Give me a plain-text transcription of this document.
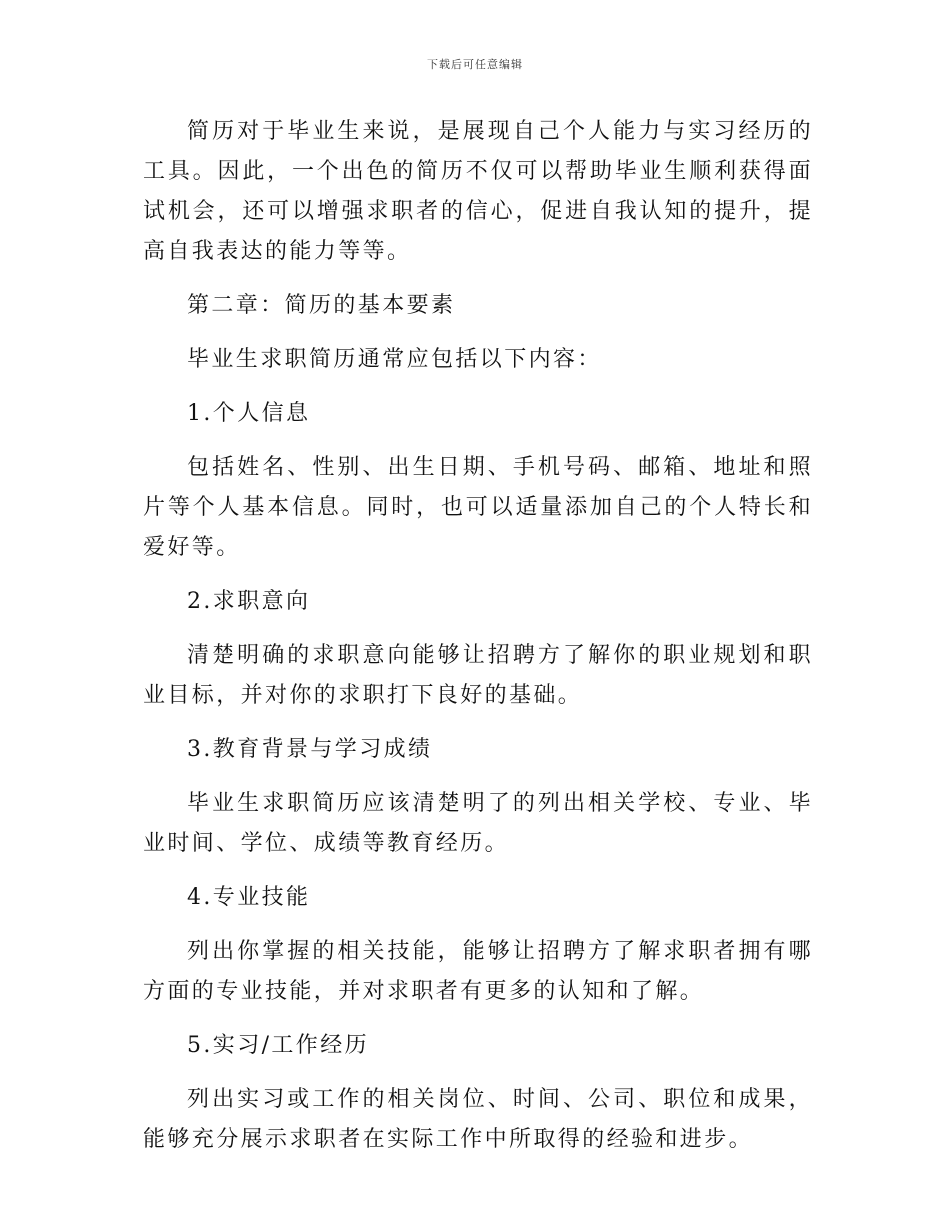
下载后可任意编辑

简历对于毕业生来说，是展现自己个人能力与实习经历的工具。因此，一个出色的简历不仅可以帮助毕业生顺利获得面试机会，还可以增强求职者的信心，促进自我认知的提升，提高自我表达的能力等等。

第二章：简历的基本要素

毕业生求职简历通常应包括以下内容：

1.个人信息

包括姓名、性别、出生日期、手机号码、邮箱、地址和照片等个人基本信息。同时，也可以适量添加自己的个人特长和爱好等。

2.求职意向

清楚明确的求职意向能够让招聘方了解你的职业规划和职业目标，并对你的求职打下良好的基础。

3.教育背景与学习成绩

毕业生求职简历应该清楚明了的列出相关学校、专业、毕业时间、学位、成绩等教育经历。

4.专业技能

列出你掌握的相关技能，能够让招聘方了解求职者拥有哪方面的专业技能，并对求职者有更多的认知和了解。

5.实习/工作经历

列出实习或工作的相关岗位、时间、公司、职位和成果，能够充分展示求职者在实际工作中所取得的经验和进步。
